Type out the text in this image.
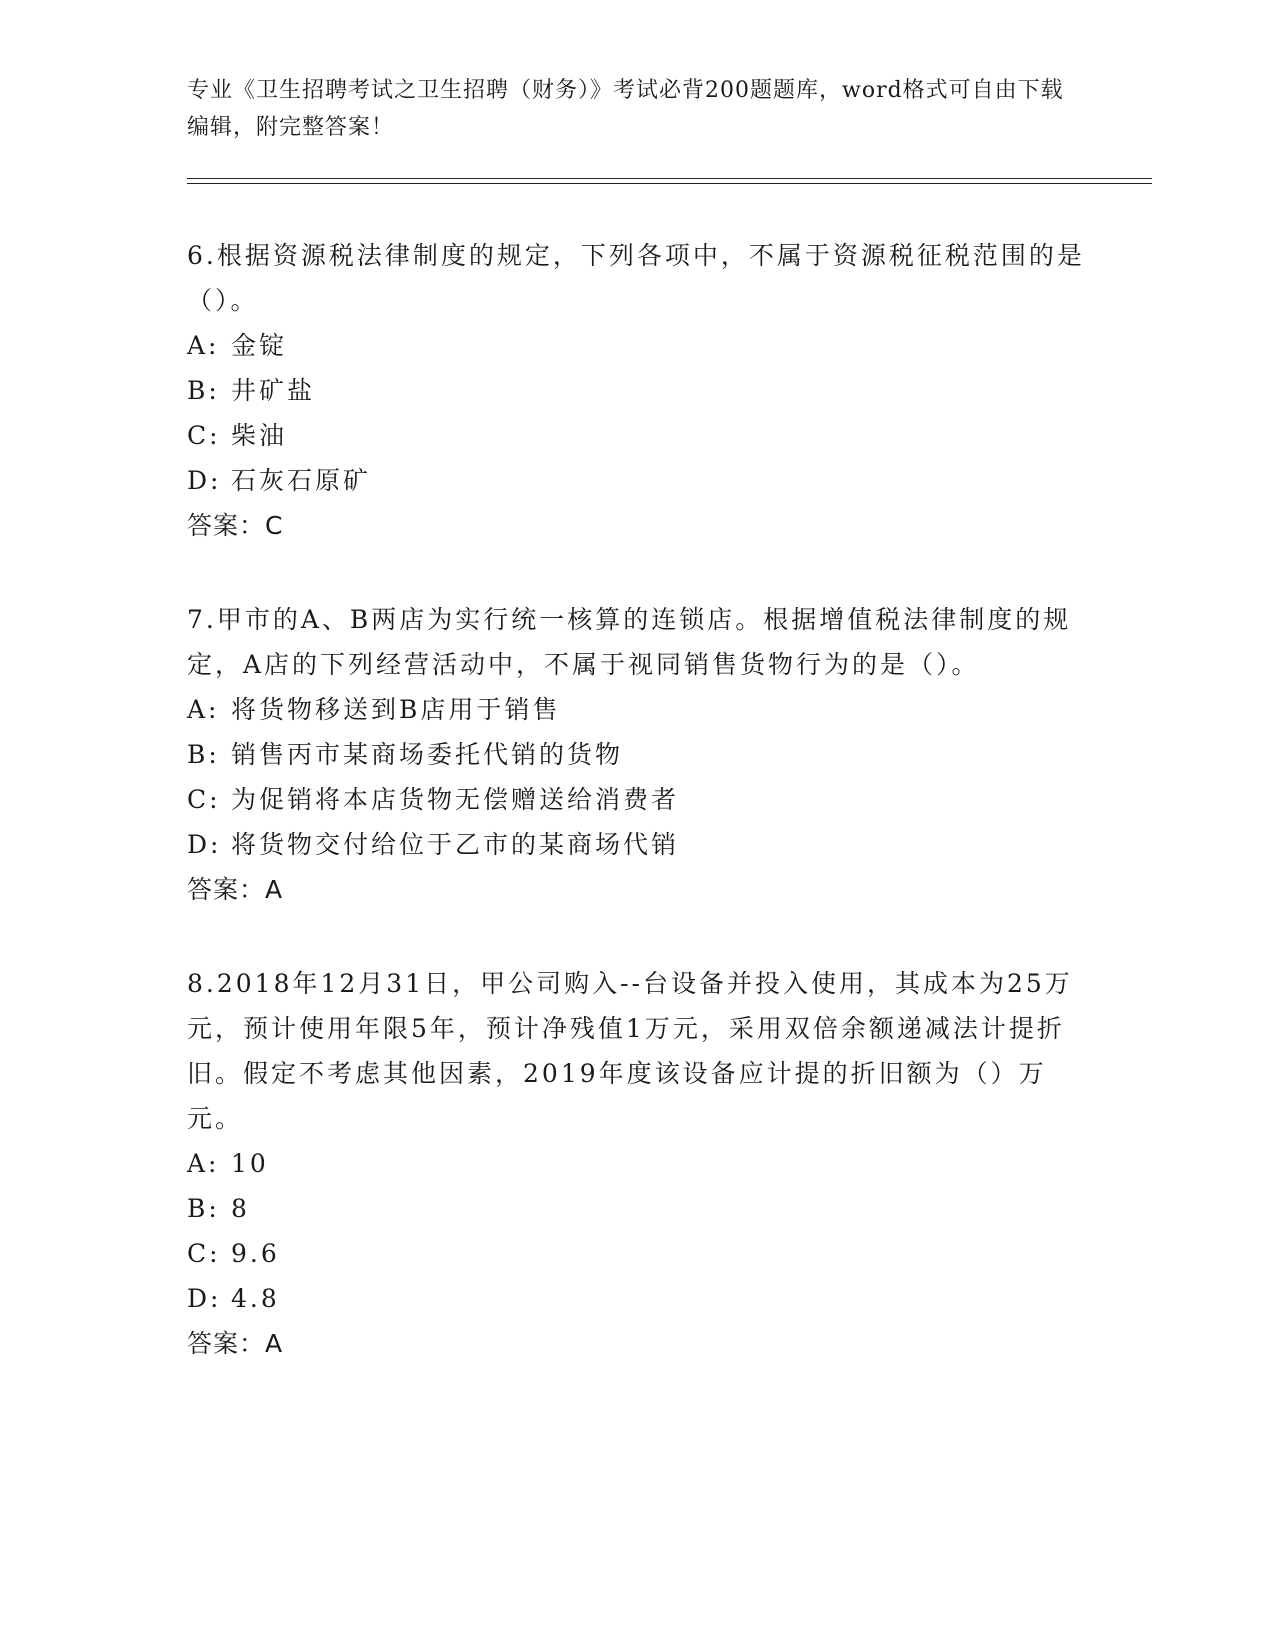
专业《卫生招聘考试之卫生招聘（财务）》考试必背200题题库，word格式可自由下载编辑，附完整答案！

6.根据资源税法律制度的规定，下列各项中，不属于资源税征税范围的是（）。

A: 金锭

B: 井矿盐

C: 柴油

D: 石灰石原矿

答案：C

7.甲市的A、B两店为实行统一核算的连锁店。根据增值税法律制度的规定，A店的下列经营活动中，不属于视同销售货物行为的是（）。

A: 将货物移送到B店用于销售

B: 销售丙市某商场委托代销的货物

C: 为促销将本店货物无偿赠送给消费者

D: 将货物交付给位于乙市的某商场代销

答案：A

8.2018年12月31日，甲公司购入--台设备并投入使用，其成本为25万元，预计使用年限5年，预计净残值1万元，采用双倍余额递减法计提折旧。假定不考虑其他因素，2019年度该设备应计提的折旧额为（）万元。

A: 10

B: 8

C: 9.6

D: 4.8

答案：A
